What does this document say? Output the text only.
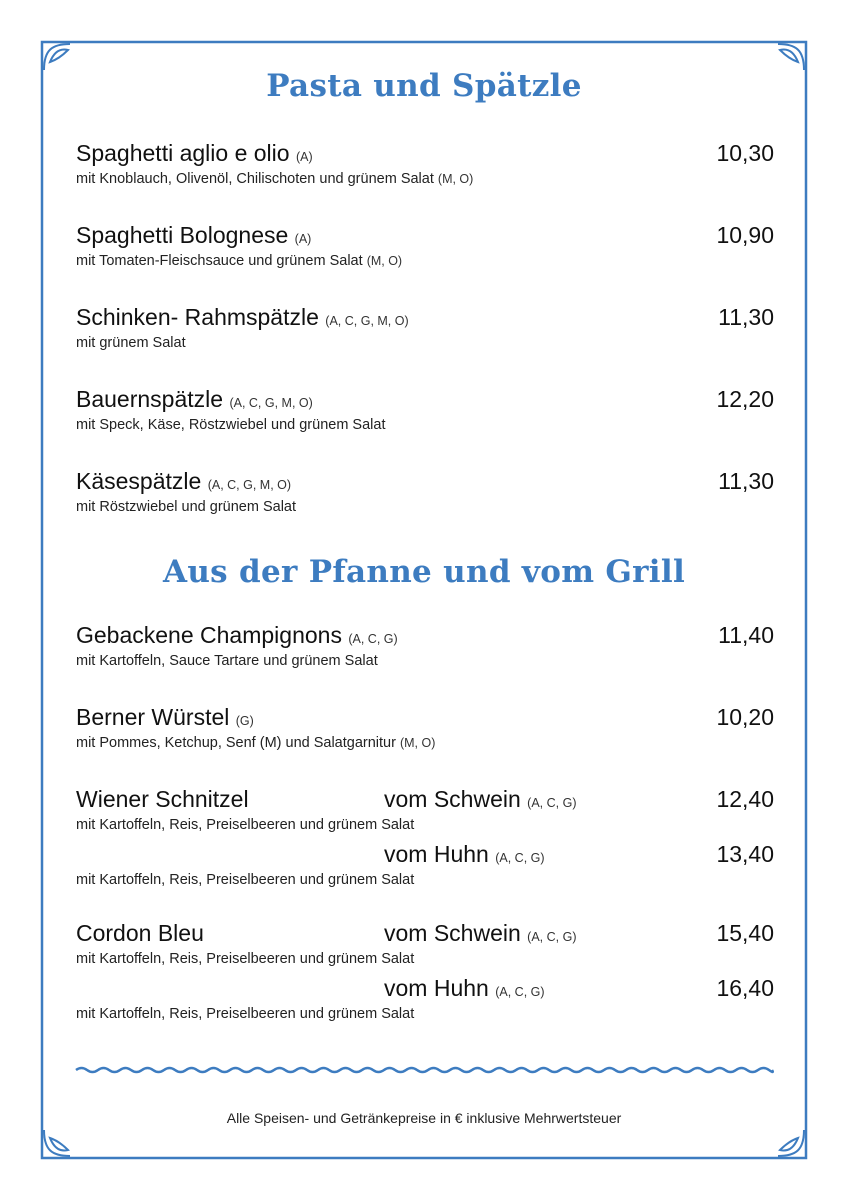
Pasta und Spätzle
Spaghetti aglio e olio (A)	10,30
mit Knoblauch, Olivenöl, Chilischoten und grünem Salat (M, O)
Spaghetti Bolognese (A)	10,90
mit Tomaten-Fleischsauce und grünem Salat (M, O)
Schinken- Rahmspätzle (A, C, G, M, O)	11,30
mit grünem Salat
Bauernspätzle (A, C, G, M, O)	12,20
mit Speck, Käse, Röstzwiebel und grünem Salat
Käsespätzle (A, C, G, M, O)	11,30
mit Röstzwiebel und grünem Salat
Aus der Pfanne und vom Grill
Gebackene Champignons (A, C, G)	11,40
mit Kartoffeln, Sauce Tartare und grünem Salat
Berner Würstel (G)	10,20
mit Pommes, Ketchup, Senf (M) und Salatgarnitur (M, O)
Wiener Schnitzel	vom Schwein (A, C, G)	12,40
mit Kartoffeln, Reis, Preiselbeeren und grünem Salat
vom Huhn (A, C, G)	13,40
mit Kartoffeln, Reis, Preiselbeeren und grünem Salat
Cordon Bleu	vom Schwein (A, C, G)	15,40
mit Kartoffeln, Reis, Preiselbeeren und grünem Salat
vom Huhn (A, C, G)	16,40
mit Kartoffeln, Reis, Preiselbeeren und grünem Salat
Alle Speisen- und Getränkepreise in € inklusive Mehrwertsteuer
